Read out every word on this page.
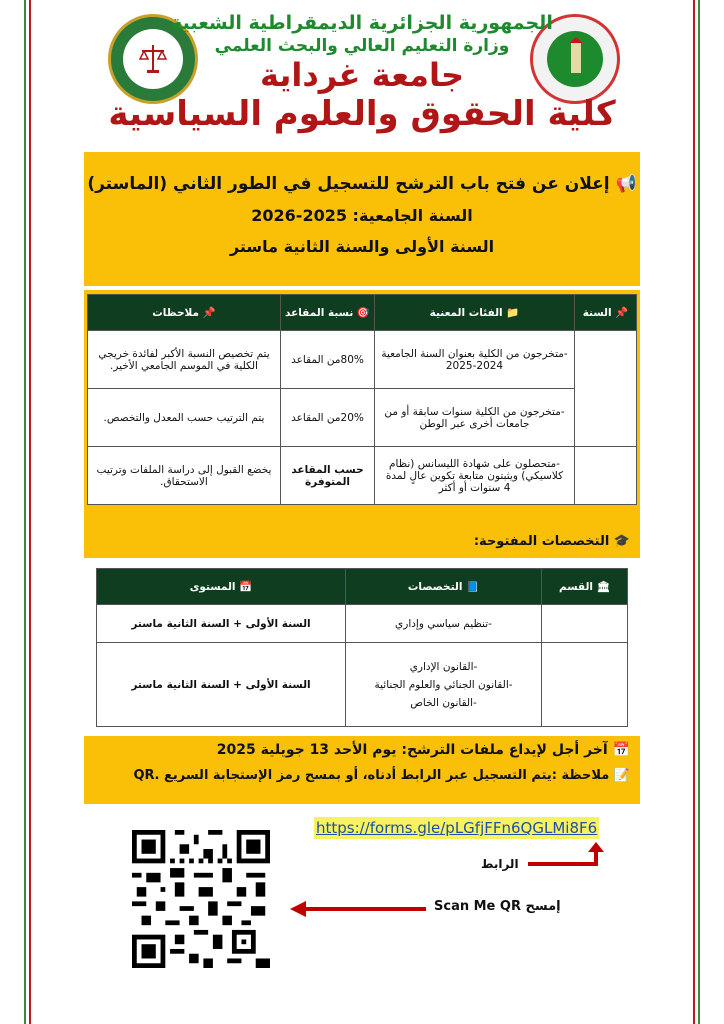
الجمهورية الجزائرية الديمقراطية الشعبية
وزارة التعليم العالي والبحث العلمي
جامعة غرداية
كلية الحقوق والعلوم السياسية
📢 إعلان عن فتح باب الترشح للتسجيل في الطور الثاني (الماستر)
السنة الجامعية: 2025-2026
السنة الأولى والسنة الثانية ماستر
📌 السنة	📁 الفئات المعنية	🎯 نسبة المقاعد	📌 ملاحظات
السنة الأولى ماستر	-متخرجون من الكلية بعنوان السنة الجامعية 2024-2025	80%من المقاعد	يتم تخصيص النسبة الأكبر لفائدة خريجي الكلية في الموسم الجامعي الأخير.
	-متخرجون من الكلية سنوات سابقة أو من جامعات أخرى عبر الوطن	20%من المقاعد	يتم الترتيب حسب المعدل والتخصص.
السنة الثانية ماستر	-متحصلون على شهادة الليسانس (نظام كلاسيكي) ويثبتون متابعة تكوين عالٍ لمدة 4 سنوات أو أكثر	حسب المقاعد المتوفرة	يخضع القبول إلى دراسة الملفات وترتيب الاستحقاق.
🎓 التخصصات المفتوحة:
🏛 القسم	📘 التخصصات	📅 المستوى
قسم العلوم السياسية	-تنظيم سياسي وإداري	السنة الأولى + السنة الثانية ماستر
قسم الحقوق	-القانون الإداري
-القانون الجنائي والعلوم الجنائية
-القانون الخاص	السنة الأولى + السنة الثانية ماستر
📅 آخر أجل لإيداع ملفات الترشح: يوم الأحد 13 جويلية 2025
📝 ملاحظة :يتم التسجيل عبر الرابط أدناه، أو بمسح رمز الإستجابة السريع .QR
https://forms.gle/pLGfjFFn6QGLMi8F6
الرابط
إمسح Scan Me QR
